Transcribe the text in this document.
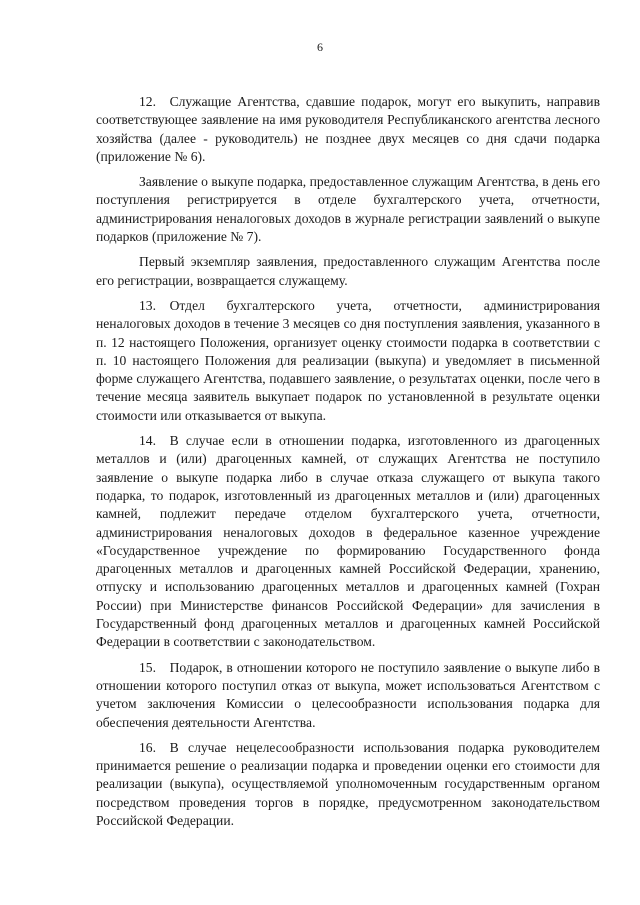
6

12. Служащие Агентства, сдавшие подарок, могут его выкупить, направив соответствующее заявление на имя руководителя Республиканского агентства лесного хозяйства (далее - руководитель) не позднее двух месяцев со дня сдачи подарка (приложение № 6).

Заявление о выкупе подарка, предоставленное служащим Агентства, в день его поступления регистрируется в отделе бухгалтерского учета, отчетности, администрирования неналоговых доходов в журнале регистрации заявлений о выкупе подарков (приложение № 7).

Первый экземпляр заявления, предоставленного служащим Агентства после его регистрации, возвращается служащему.

13. Отдел бухгалтерского учета, отчетности, администрирования неналоговых доходов в течение 3 месяцев со дня поступления заявления, указанного в п. 12 настоящего Положения, организует оценку стоимости подарка в соответствии с п. 10 настоящего Положения для реализации (выкупа) и уведомляет в письменной форме служащего Агентства, подавшего заявление, о результатах оценки, после чего в течение месяца заявитель выкупает подарок по установленной в результате оценки стоимости или отказывается от выкупа.

14. В случае если в отношении подарка, изготовленного из драгоценных металлов и (или) драгоценных камней, от служащих Агентства не поступило заявление о выкупе подарка либо в случае отказа служащего от выкупа такого подарка, то подарок, изготовленный из драгоценных металлов и (или) драгоценных камней, подлежит передаче отделом бухгалтерского учета, отчетности, администрирования неналоговых доходов в федеральное казенное учреждение «Государственное учреждение по формированию Государственного фонда драгоценных металлов и драгоценных камней Российской Федерации, хранению, отпуску и использованию драгоценных металлов и драгоценных камней (Гохран России) при Министерстве финансов Российской Федерации» для зачисления в Государственный фонд драгоценных металлов и драгоценных камней Российской Федерации в соответствии с законодательством.

15. Подарок, в отношении которого не поступило заявление о выкупе либо в отношении которого поступил отказ от выкупа, может использоваться Агентством с учетом заключения Комиссии о целесообразности использования подарка для обеспечения деятельности Агентства.

16. В случае нецелесообразности использования подарка руководителем принимается решение о реализации подарка и проведении оценки его стоимости для реализации (выкупа), осуществляемой уполномоченным государственным органом посредством проведения торгов в порядке, предусмотренном законодательством Российской Федерации.
